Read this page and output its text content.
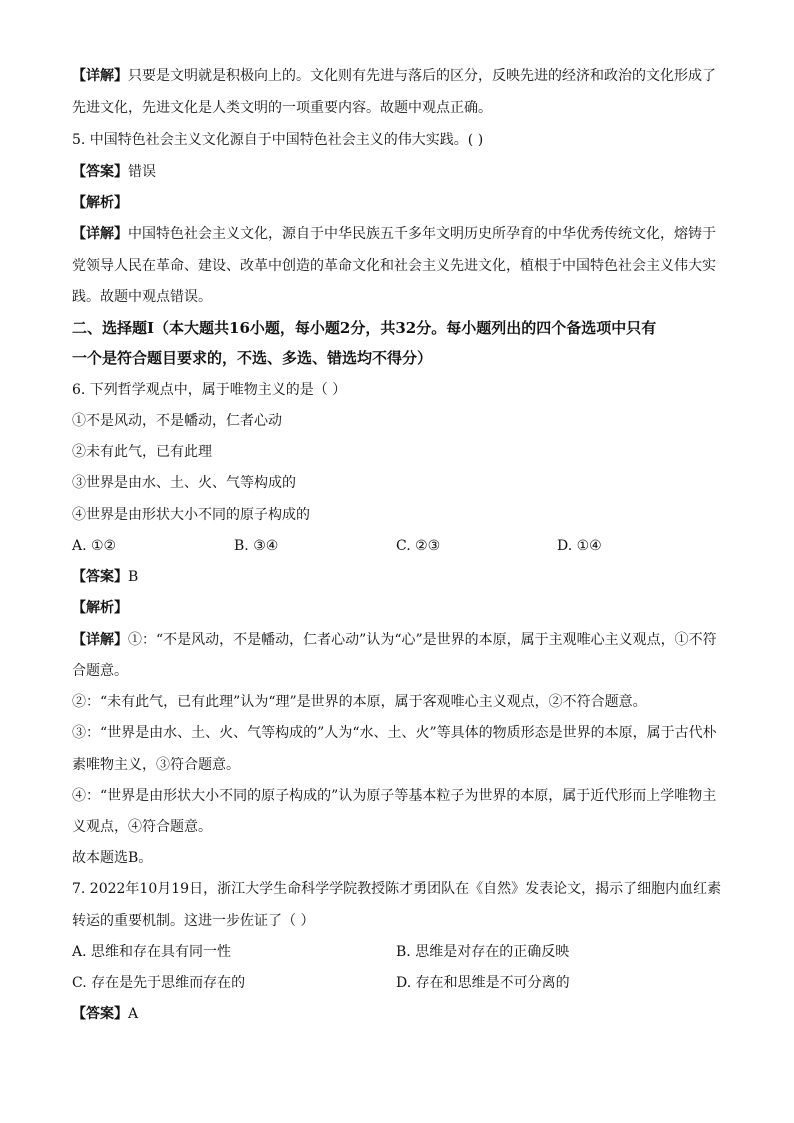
【详解】只要是文明就是积极向上的。文化则有先进与落后的区分，反映先进的经济和政治的文化形成了
先进文化，先进文化是人类文明的一项重要内容。故题中观点正确。
5. 中国特色社会主义文化源自于中国特色社会主义的伟大实践。( )
【答案】错误
【解析】
【详解】中国特色社会主义文化，源自于中华民族五千多年文明历史所孕育的中华优秀传统文化，熔铸于
党领导人民在革命、建设、改革中创造的革命文化和社会主义先进文化，植根于中国特色社会主义伟大实
践。故题中观点错误。
二、选择题Ⅰ（本大题共16小题，每小题2分，共32分。每小题列出的四个备选项中只有
一个是符合题目要求的，不选、多选、错选均不得分）
6. 下列哲学观点中，属于唯物主义的是（ ）
①不是风动，不是幡动，仁者心动
②未有此气，已有此理
③世界是由水、土、火、气等构成的
④世界是由形状大小不同的原子构成的
A. ①②	B. ③④	C. ②③	D. ①④
【答案】B
【解析】
【详解】①：“不是风动，不是幡动，仁者心动”认为“心”是世界的本原，属于主观唯心主义观点，①不符
合题意。
②：“未有此气，已有此理”认为“理”是世界的本原，属于客观唯心主义观点，②不符合题意。
③：“世界是由水、土、火、气等构成的”人为“水、土、火”等具体的物质形态是世界的本原，属于古代朴
素唯物主义，③符合题意。
④：“世界是由形状大小不同的原子构成的”认为原子等基本粒子为世界的本原，属于近代形而上学唯物主
义观点，④符合题意。
故本题选B。
7. 2022年10月19日，浙江大学生命科学学院教授陈才勇团队在《自然》发表论文，揭示了细胞内血红素
转运的重要机制。这进一步佐证了（ ）
A. 思维和存在具有同一性	B. 思维是对存在的正确反映
C. 存在是先于思维而存在的	D. 存在和思维是不可分离的
【答案】A
